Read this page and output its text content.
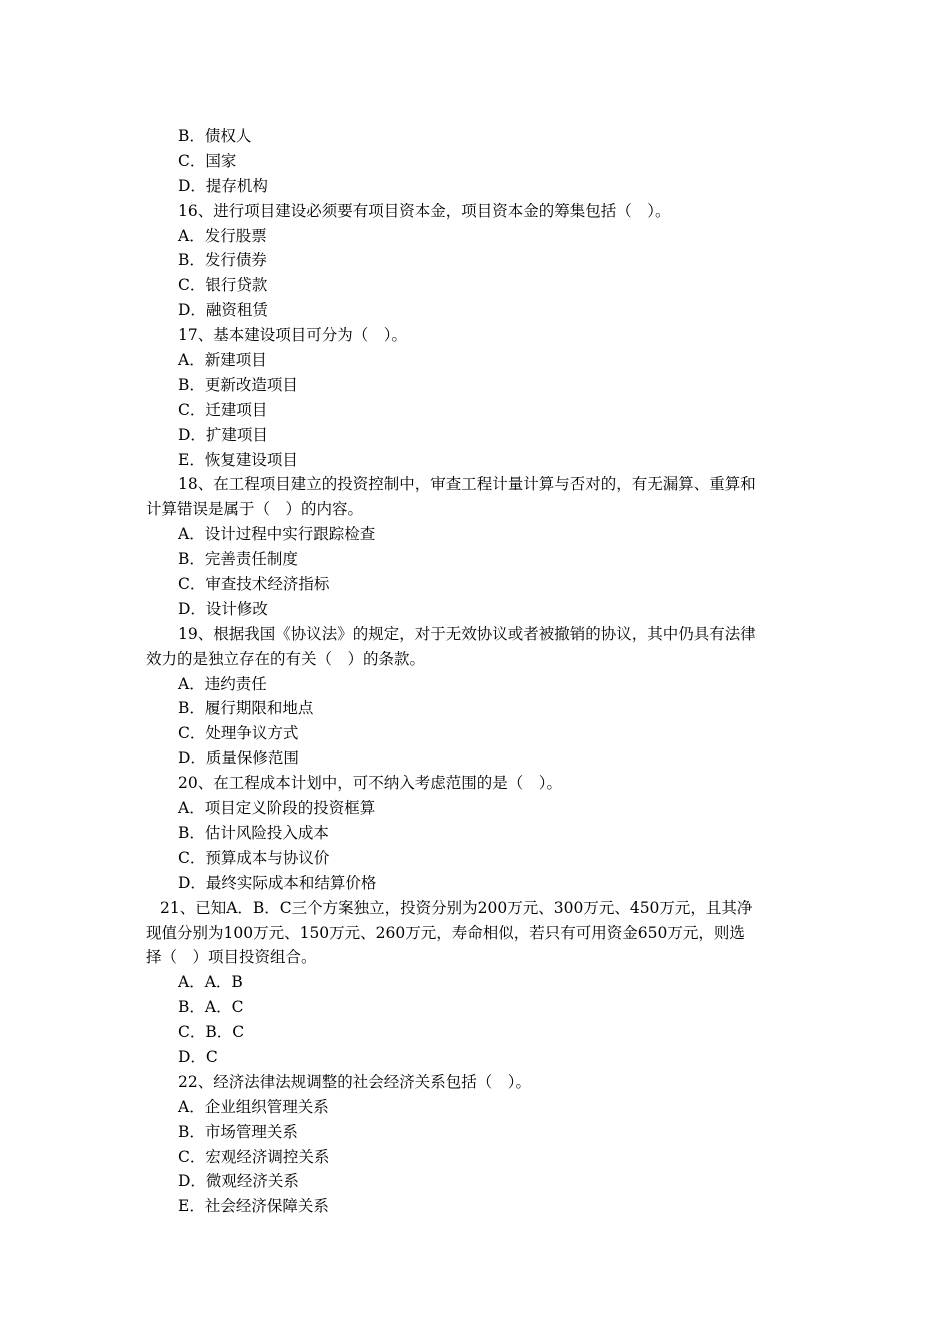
B．债权人
C．国家
D．提存机构
16、进行项目建设必须要有项目资本金，项目资本金的筹集包括（　）。
A．发行股票
B．发行债券
C．银行贷款
D．融资租赁
17、基本建设项目可分为（　）。
A．新建项目
B．更新改造项目
C．迁建项目
D．扩建项目
E．恢复建设项目
18、在工程项目建立的投资控制中，审查工程计量计算与否对的，有无漏算、重算和
计算错误是属于（　）的内容。
A．设计过程中实行跟踪检查
B．完善责任制度
C．审查技术经济指标
D．设计修改
19、根据我国《协议法》的规定，对于无效协议或者被撤销的协议，其中仍具有法律
效力的是独立存在的有关（　）的条款。
A．违约责任
B．履行期限和地点
C．处理争议方式
D．质量保修范围
20、在工程成本计划中，可不纳入考虑范围的是（　）。
A．项目定义阶段的投资框算
B．估计风险投入成本
C．预算成本与协议价
D．最终实际成本和结算价格
21、已知A．B．C三个方案独立，投资分别为200万元、300万元、450万元，且其净
现值分别为100万元、150万元、260万元，寿命相似，若只有可用资金650万元，则选
择（　）项目投资组合。
A．A．B
B．A．C
C．B．C
D．C
22、经济法律法规调整的社会经济关系包括（　）。
A．企业组织管理关系
B．市场管理关系
C．宏观经济调控关系
D．微观经济关系
E．社会经济保障关系
